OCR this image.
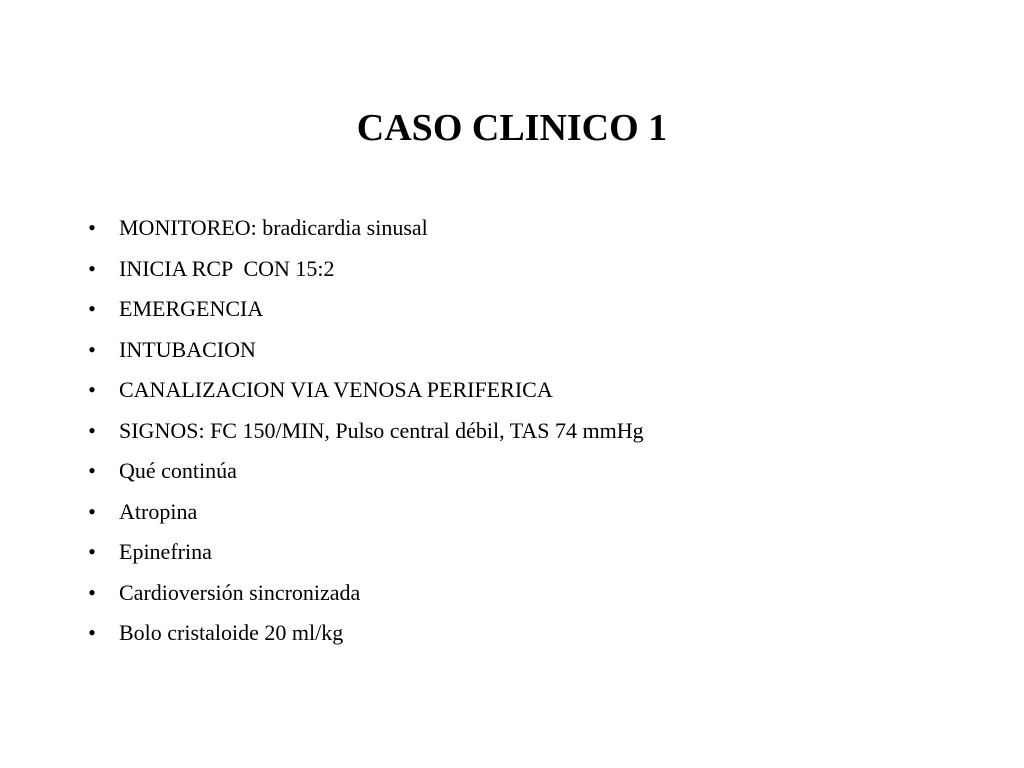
CASO CLINICO 1
• MONITOREO: bradicardia sinusal
• INICIA RCP  CON 15:2
• EMERGENCIA
• INTUBACION
• CANALIZACION VIA VENOSA PERIFERICA
• SIGNOS: FC 150/MIN, Pulso central débil, TAS 74 mmHg
• Qué continúa
• Atropina
• Epinefrina
• Cardioversión sincronizada
• Bolo cristaloide 20 ml/kg
